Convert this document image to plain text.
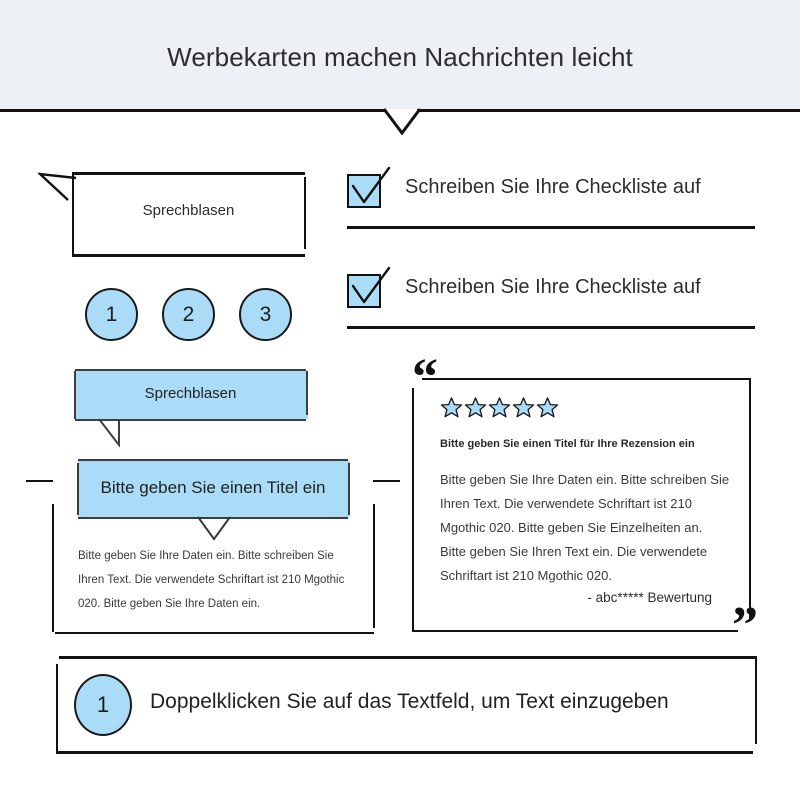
Werbekarten machen Nachrichten leicht
Sprechblasen
1	2	3
Schreiben Sie Ihre Checkliste auf
Schreiben Sie Ihre Checkliste auf
Sprechblasen
Bitte geben Sie einen Titel ein
Bitte geben Sie Ihre Daten ein. Bitte schreiben Sie Ihren Text. Die verwendete Schriftart ist 210 Mgothic 020. Bitte geben Sie Ihre Daten ein.
“
”
Bitte geben Sie einen Titel für Ihre Rezension ein
Bitte geben Sie Ihre Daten ein. Bitte schreiben Sie Ihren Text. Die verwendete Schriftart ist 210 Mgothic 020. Bitte geben Sie Einzelheiten an. Bitte geben Sie Ihren Text ein. Die verwendete Schriftart ist 210 Mgothic 020.
- abc***** Bewertung
1	Doppelklicken Sie auf das Textfeld, um Text einzugeben
